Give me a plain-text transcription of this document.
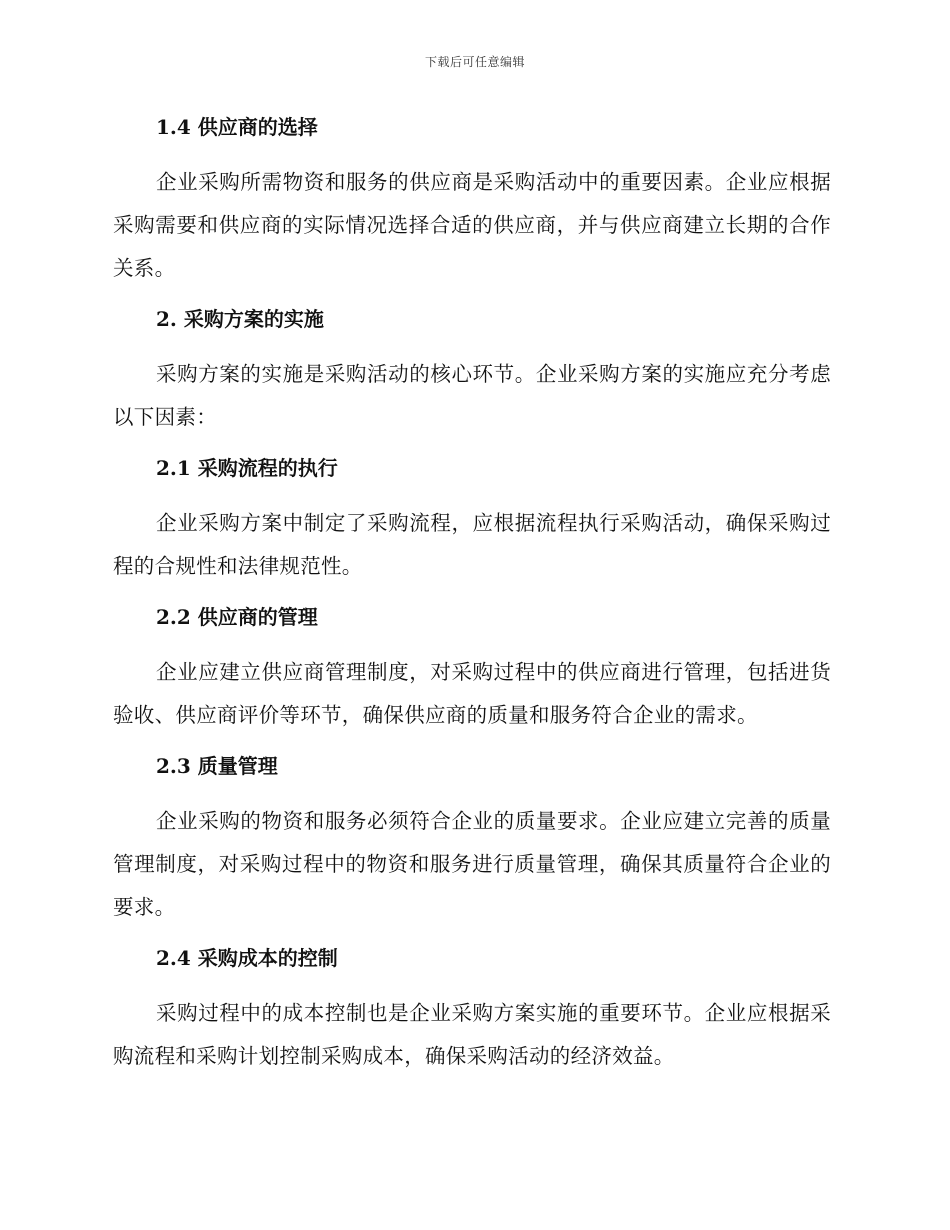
下载后可任意编辑
1.4 供应商的选择

企业采购所需物资和服务的供应商是采购活动中的重要因素。企业应根据采购需要和供应商的实际情况选择合适的供应商，并与供应商建立长期的合作关系。

2. 采购方案的实施

采购方案的实施是采购活动的核心环节。企业采购方案的实施应充分考虑以下因素：

2.1 采购流程的执行

企业采购方案中制定了采购流程，应根据流程执行采购活动，确保采购过程的合规性和法律规范性。

2.2 供应商的管理

企业应建立供应商管理制度，对采购过程中的供应商进行管理，包括进货验收、供应商评价等环节，确保供应商的质量和服务符合企业的需求。

2.3 质量管理

企业采购的物资和服务必须符合企业的质量要求。企业应建立完善的质量管理制度，对采购过程中的物资和服务进行质量管理，确保其质量符合企业的要求。

2.4 采购成本的控制

采购过程中的成本控制也是企业采购方案实施的重要环节。企业应根据采购流程和采购计划控制采购成本，确保采购活动的经济效益。
